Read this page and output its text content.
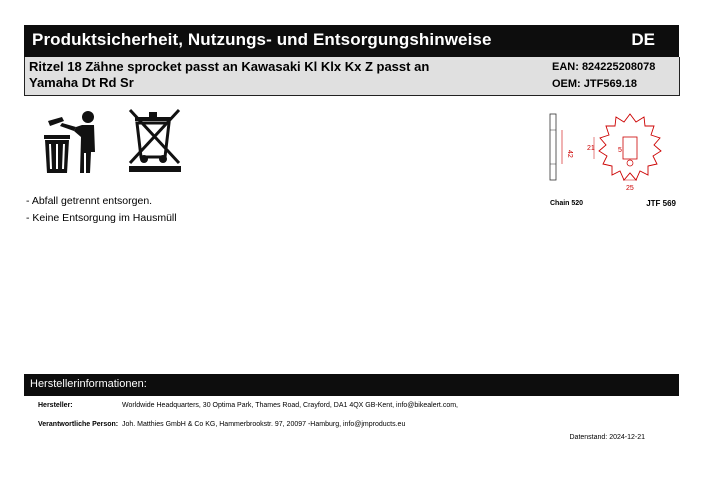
Produktsicherheit, Nutzungs- und Entsorgungshinweise	DE
Ritzel 18 Zähne sprocket passt an Kawasaki Kl Klx Kx Z passt an
Yamaha Dt Rd Sr
EAN: 824225208078
OEM: JTF569.18
- Abfall getrennt entsorgen.
- Keine Entsorgung im Hausmüll
42
21	5
25
Chain 520	JTF 569
Herstellerinformationen:
Hersteller:	Worldwide Headquarters, 30 Optima Park, Thames Road, Crayford, DA1 4QX GB-Kent, info@bikealert.com,
Verantwortliche Person: Joh. Matthies GmbH & Co KG, Hammerbrookstr. 97, 20097 -Hamburg, info@jmproducts.eu
Datenstand: 2024-12-21
